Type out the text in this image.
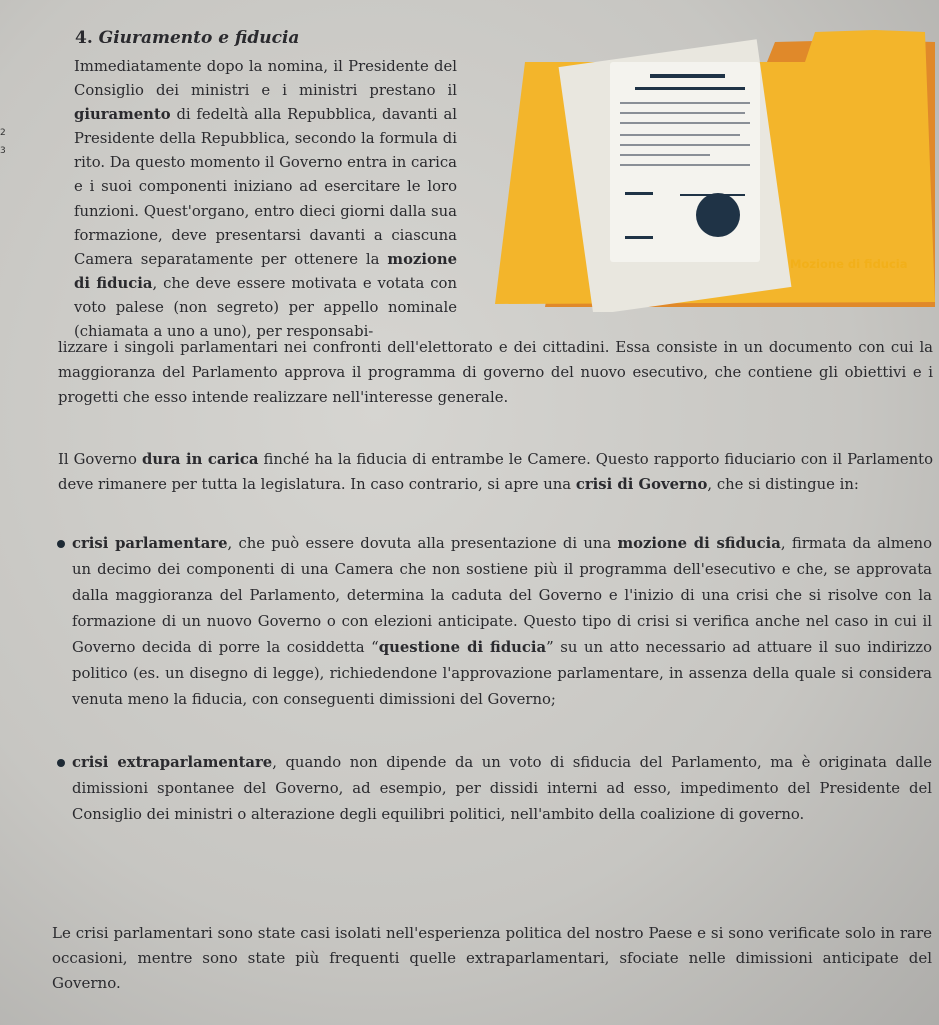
2
3
4. Giuramento e fiducia
Mozione di fiducia
Immediatamente dopo la nomina, il Presidente del Consiglio dei ministri e i ministri prestano il giuramento di fedeltà alla Repubblica, davanti al Presidente della Repubblica, secondo la formula di rito. Da questo momento il Governo entra in carica e i suoi componenti iniziano ad esercitare le loro funzioni. Quest'organo, entro dieci giorni dalla sua formazione, deve presentarsi davanti a ciascuna Camera separatamente per ottenere la mozione di fiducia, che deve essere motivata e votata con voto palese (non segreto) per appello nominale (chiamata a uno a uno), per responsabi-
lizzare i singoli parlamentari nei confronti dell'elettorato e dei cittadini. Essa consiste in un documento con cui la maggioranza del Parlamento approva il programma di governo del nuovo esecutivo, che contiene gli obiettivi e i progetti che esso intende realizzare nell'interesse generale.
Il Governo dura in carica finché ha la fiducia di entrambe le Camere. Questo rapporto fiduciario con il Parlamento deve rimanere per tutta la legislatura. In caso contrario, si apre una crisi di Governo, che si distingue in:
crisi parlamentare, che può essere dovuta alla presentazione di una mozione di sfiducia, firmata da almeno un decimo dei componenti di una Camera che non sostiene più il programma dell'esecutivo e che, se approvata dalla maggioranza del Parlamento, determina la caduta del Governo e l'inizio di una crisi che si risolve con la formazione di un nuovo Governo o con elezioni anticipate. Questo tipo di crisi si verifica anche nel caso in cui il Governo decida di porre la cosiddetta “questione di fiducia” su un atto necessario ad attuare il suo indirizzo politico (es. un disegno di legge), richiedendone l'approvazione parlamentare, in assenza della quale si considera venuta meno la fiducia, con conseguenti dimissioni del Governo;
crisi extraparlamentare, quando non dipende da un voto di sfiducia del Parlamento, ma è originata dalle dimissioni spontanee del Governo, ad esempio, per dissidi interni ad esso, impedimento del Presidente del Consiglio dei ministri o alterazione degli equilibri politici, nell'ambito della coalizione di governo.
Le crisi parlamentari sono state casi isolati nell'esperienza politica del nostro Paese e si sono verificate solo in rare occasioni, mentre sono state più frequenti quelle extraparlamentari, sfociate nelle dimissioni anticipate del Governo.
